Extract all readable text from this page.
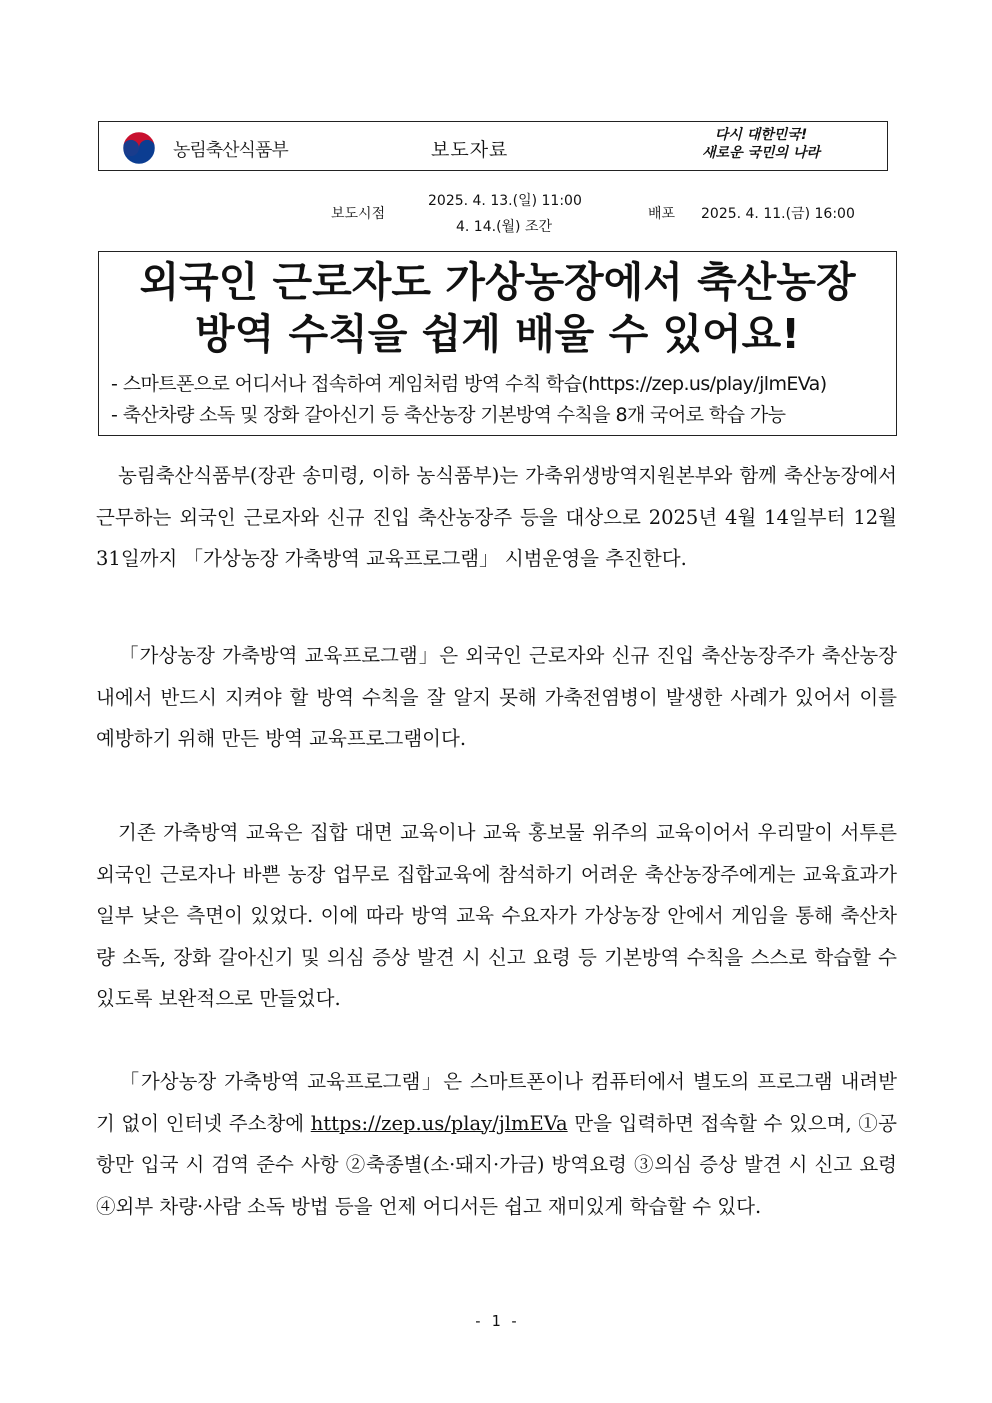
농림축산식품부	보도자료
다시 대한민국!
새로운 국민의 나라
보도시점
2025. 4. 13.(일) 11:00
4. 14.(월) 조간
배포 2025. 4. 11.(금) 16:00
외국인 근로자도 가상농장에서 축산농장
방역 수칙을 쉽게 배울 수 있어요!
- 스마트폰으로 어디서나 접속하여 게임처럼 방역 수칙 학습(https://zep.us/play/jlmEVa)
- 축산차량 소독 및 장화 갈아신기 등 축산농장 기본방역 수칙을 8개 국어로 학습 가능
농림축산식품부(장관 송미령, 이하 농식품부)는 가축위생방역지원본부와 함께 축산농장에서 근무하는 외국인 근로자와 신규 진입 축산농장주 등을 대상으로 2025년 4월 14일부터 12월 31일까지 「가상농장 가축방역 교육프로그램」 시범운영을 추진한다.
「가상농장 가축방역 교육프로그램」은 외국인 근로자와 신규 진입 축산농장주가 축산농장 내에서 반드시 지켜야 할 방역 수칙을 잘 알지 못해 가축전염병이 발생한 사례가 있어서 이를 예방하기 위해 만든 방역 교육프로그램이다.
기존 가축방역 교육은 집합 대면 교육이나 교육 홍보물 위주의 교육이어서 우리말이 서투른 외국인 근로자나 바쁜 농장 업무로 집합교육에 참석하기 어려운 축산농장주에게는 교육효과가 일부 낮은 측면이 있었다. 이에 따라 방역 교육 수요자가 가상농장 안에서 게임을 통해 축산차량 소독, 장화 갈아신기 및 의심 증상 발견 시 신고 요령 등 기본방역 수칙을 스스로 학습할 수 있도록 보완적으로 만들었다.
「가상농장 가축방역 교육프로그램」은 스마트폰이나 컴퓨터에서 별도의 프로그램 내려받기 없이 인터넷 주소창에 https://zep.us/play/jlmEVa 만을 입력하면 접속할 수 있으며, ①공항만 입국 시 검역 준수 사항 ②축종별(소·돼지·가금) 방역요령 ③의심 증상 발견 시 신고 요령 ④외부 차량·사람 소독 방법 등을 언제 어디서든 쉽고 재미있게 학습할 수 있다.
- 1 -
